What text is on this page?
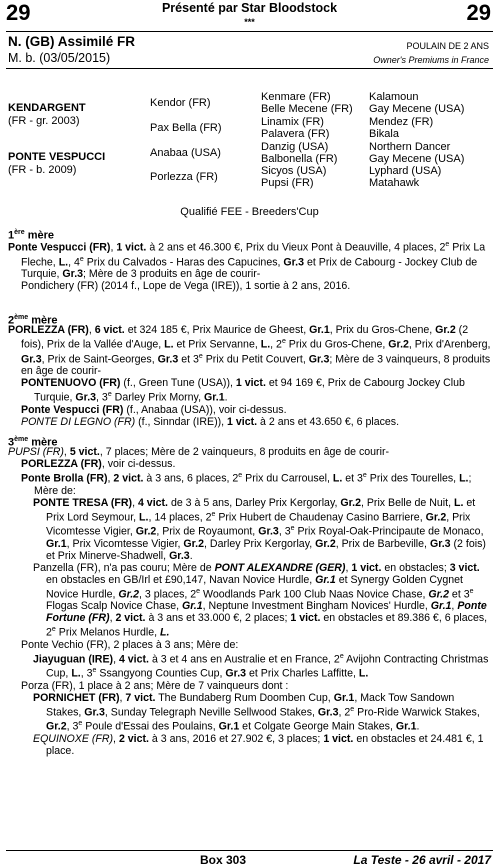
29	29
Présenté par Star Bloodstock
***
N. (GB) Assimilé FR
M. b. (03/05/2015)
POULAIN DE 2 ANS
Owner's Premiums in France
KENDARGENT
(FR - gr. 2003)
PONTE VESPUCCI
(FR - b. 2009)
Kendor (FR)
Pax Bella (FR)
Anabaa (USA)
Porlezza (FR)
Kenmare (FR)
Belle Mecene (FR)
Linamix (FR)
Palavera (FR)
Danzig (USA)
Balbonella (FR)
Sicyos (USA)
Pupsi (FR)
Kalamoun
Gay Mecene (USA)
Mendez (FR)
Bikala
Northern Dancer
Gay Mecene (USA)
Lyphard (USA)
Matahawk
Qualifié FEE - Breeders'Cup
1ère mère

Ponte Vespucci (FR), 1 vict. à 2 ans et 46.300 €, Prix du Vieux Pont à Deauville, 4 places, 2e Prix La Fleche, L., 4e Prix du Calvados - Haras des Capucines, Gr.3 et Prix de Cabourg - Jockey Club de Turquie, Gr.3; Mère de 3 produits en âge de courir-

Pondichery (FR) (2014 f., Lope de Vega (IRE)), 1 sortie à 2 ans, 2016.

2ème mère

PORLEZZA (FR), 6 vict. et 324 185 €, Prix Maurice de Gheest, Gr.1, Prix du Gros-Chene, Gr.2 (2 fois), Prix de la Vallée d'Auge, L. et Prix Servanne, L., 2e Prix du Gros-Chene, Gr.2, Prix d'Arenberg, Gr.3, Prix de Saint-Georges, Gr.3 et 3e Prix du Petit Couvert, Gr.3; Mère de 3 vainqueurs, 8 produits en âge de courir-

PONTENUOVO (FR) (f., Green Tune (USA)), 1 vict. et 94 169 €, Prix de Cabourg Jockey Club Turquie, Gr.3, 3e Darley Prix Morny, Gr.1.

Ponte Vespucci (FR) (f., Anabaa (USA)), voir ci-dessus.

PONTE DI LEGNO (FR) (f., Sinndar (IRE)), 1 vict. à 2 ans et 43.650 €, 6 places.

3ème mère

PUPSI (FR), 5 vict., 7 places; Mère de 2 vainqueurs, 8 produits en âge de courir-

PORLEZZA (FR), voir ci-dessus.

Ponte Brolla (FR), 2 vict. à 3 ans, 6 places, 2e Prix du Carrousel, L. et 3e Prix des Tourelles, L.; Mère de:

PONTE TRESA (FR), 4 vict. de 3 à 5 ans, Darley Prix Kergorlay, Gr.2, Prix Belle de Nuit, L. et Prix Lord Seymour, L., 14 places, 2e Prix Hubert de Chaudenay Casino Barriere, Gr.2, Prix Vicomtesse Vigier, Gr.2, Prix de Royaumont, Gr.3, 3e Prix Royal-Oak-Principaute de Monaco, Gr.1, Prix Vicomtesse Vigier, Gr.2, Darley Prix Kergorlay, Gr.2, Prix de Barbeville, Gr.3 (2 fois) et Prix Minerve-Shadwell, Gr.3.

Panzella (FR), n'a pas couru; Mère de PONT ALEXANDRE (GER), 1 vict. en obstacles; 3 vict. en obstacles en GB/Irl et £90,147, Navan Novice Hurdle, Gr.1 et Synergy Golden Cygnet Novice Hurdle, Gr.2, 3 places, 2e Woodlands Park 100 Club Naas Novice Chase, Gr.2 et 3e Flogas Scalp Novice Chase, Gr.1, Neptune Investment Bingham Novices' Hurdle, Gr.1, Ponte Fortune (FR), 2 vict. à 3 ans et 33.000 €, 2 places; 1 vict. en obstacles et 89.386 €, 6 places, 2e Prix Melanos Hurdle, L.

Ponte Vechio (FR), 2 places à 3 ans; Mère de:

Jiayuguan (IRE), 4 vict. à 3 et 4 ans en Australie et en France, 2e Avijohn Contracting Christmas Cup, L., 3e Ssangyong Counties Cup, Gr.3 et Prix Charles Laffitte, L.

Porza (FR), 1 place à 2 ans; Mère de 7 vainqueurs dont :

PORNICHET (FR), 7 vict. The Bundaberg Rum Doomben Cup, Gr.1, Mack Tow Sandown Stakes, Gr.3, Sunday Telegraph Neville Sellwood Stakes, Gr.3, 2e Pro-Ride Warwick Stakes, Gr.2, 3e Poule d'Essai des Poulains, Gr.1 et Colgate George Main Stakes, Gr.1.

EQUINOXE (FR), 2 vict. à 3 ans, 2016 et 27.902 €, 3 places; 1 vict. en obstacles et 24.481 €, 1 place.

Box 303	La Teste - 26 avril - 2017
